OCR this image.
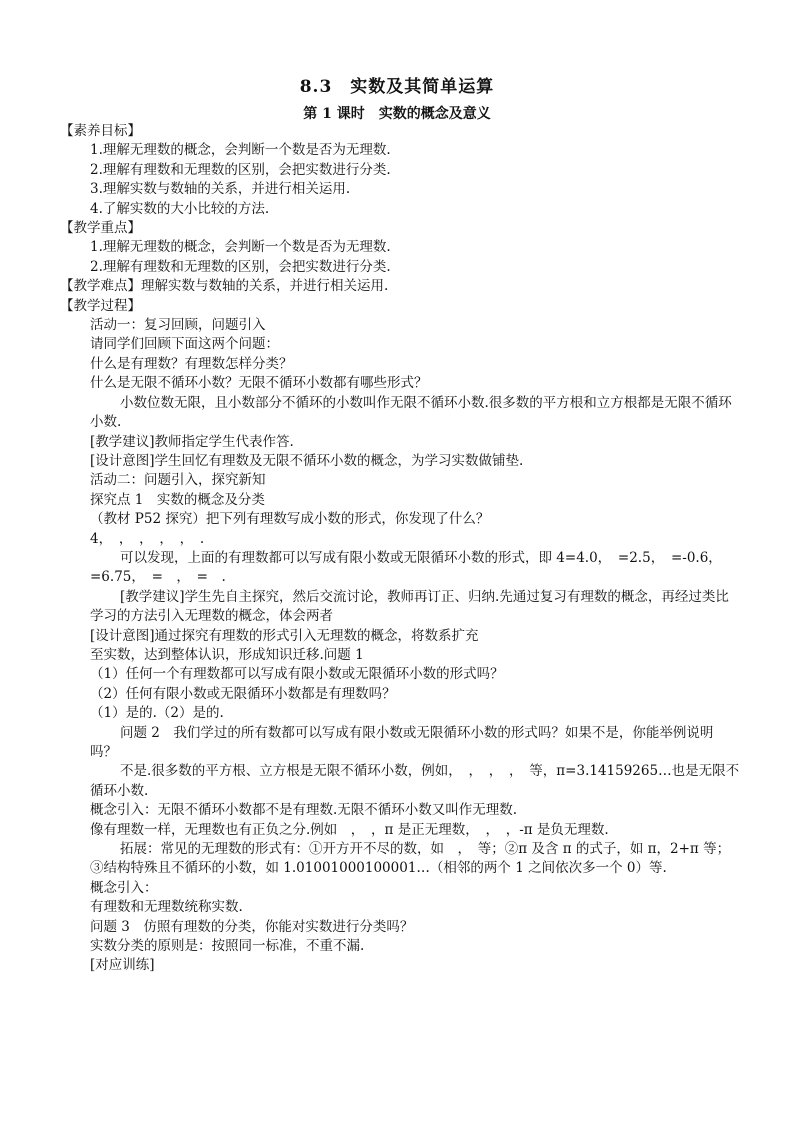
8.3　实数及其简单运算
第 1 课时　实数的概念及意义

【素养目标】

1.理解无理数的概念，会判断一个数是否为无理数.

2.理解有理数和无理数的区别，会把实数进行分类.

3.理解实数与数轴的关系，并进行相关运用.

4.了解实数的大小比较的方法.

【教学重点】

1.理解无理数的概念，会判断一个数是否为无理数.

2.理解有理数和无理数的区别，会把实数进行分类.

【教学难点】理解实数与数轴的关系，并进行相关运用.

【教学过程】

活动一：复习回顾，问题引入

请同学们回顾下面这两个问题：

什么是有理数？有理数怎样分类？

什么是无限不循环小数？无限不循环小数都有哪些形式？

小数位数无限，且小数部分不循环的小数叫作无限不循环小数.很多数的平方根和立方根都是无限不循环小数.

[教学建议]教师指定学生代表作答.

[设计意图]学生回忆有理数及无限不循环小数的概念，为学习实数做铺垫.

活动二：问题引入，探究新知

探究点 1　实数的概念及分类

（教材 P52 探究）把下列有理数写成小数的形式，你发现了什么？

4，　，　，　，　，　.

可以发现，上面的有理数都可以写成有限小数或无限循环小数的形式，即 4=4.0，　=2.5，　=-0.6，　=6.75，　=　，　=　.

[教学建议]学生先自主探究，然后交流讨论，教师再订正、归纳.先通过复习有理数的概念，再经过类比学习的方法引入无理数的概念，体会两者

[设计意图]通过探究有理数的形式引入无理数的概念，将数系扩充

至实数，达到整体认识，形成知识迁移.问题 1

（1）任何一个有理数都可以写成有限小数或无限循环小数的形式吗？

（2）任何有限小数或无限循环小数都是有理数吗？

（1）是的.（2）是的.

问题 2　我们学过的所有数都可以写成有限小数或无限循环小数的形式吗？如果不是，你能举例说明吗？

不是.很多数的平方根、立方根是无限不循环小数，例如，　，　，　，　等，π=3.14159265…也是无限不循环小数.

概念引入：无限不循环小数都不是有理数.无限不循环小数又叫作无理数.

像有理数一样，无理数也有正负之分.例如　，　，π 是正无理数，　，　，-π 是负无理数.

拓展：常见的无理数的形式有：①开方开不尽的数，如　，　等；②π 及含 π 的式子，如 π，2+π 等；③结构特殊且不循环的小数，如 1.01001000100001…（相邻的两个 1 之间依次多一个 0）等.

概念引入：

有理数和无理数统称实数.

问题 3　仿照有理数的分类，你能对实数进行分类吗？

实数分类的原则是：按照同一标准，不重不漏.

[对应训练]
